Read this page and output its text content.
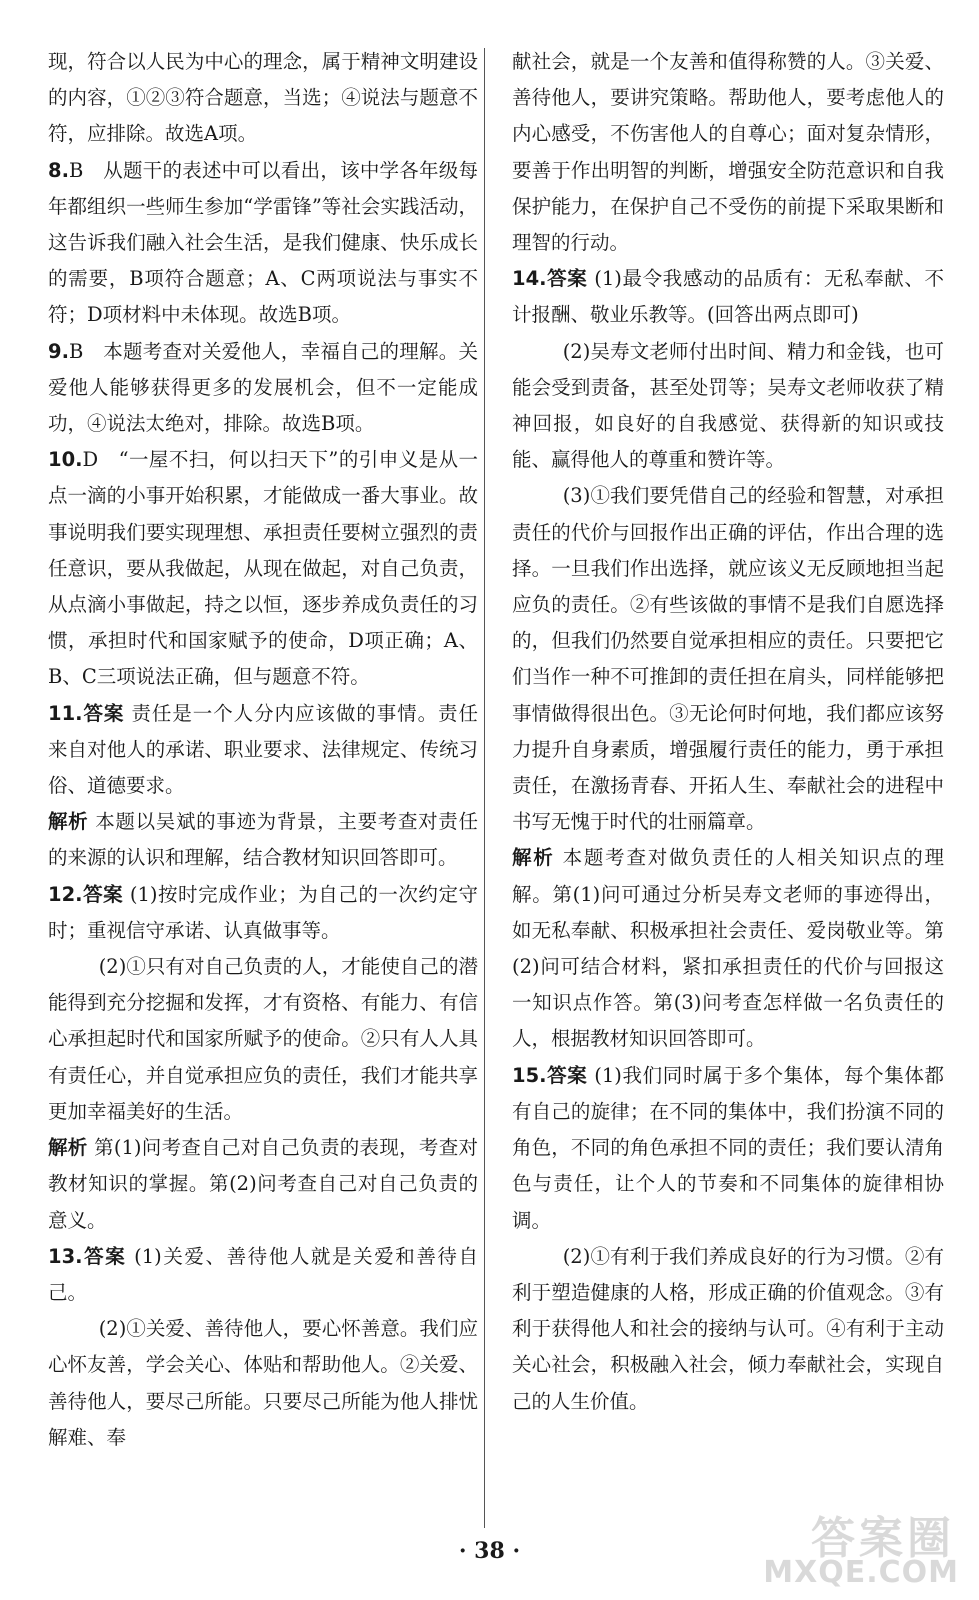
现，符合以人民为中心的理念，属于精神文明建设的内容，①②③符合题意，当选；④说法与题意不符，应排除。故选A项。

8.B　从题干的表述中可以看出，该中学各年级每年都组织一些师生参加“学雷锋”等社会实践活动，这告诉我们融入社会生活，是我们健康、快乐成长的需要，B项符合题意；A、C两项说法与事实不符；D项材料中未体现。故选B项。

9.B　本题考查对关爱他人，幸福自己的理解。关爱他人能够获得更多的发展机会，但不一定能成功，④说法太绝对，排除。故选B项。

10.D　“一屋不扫，何以扫天下”的引申义是从一点一滴的小事开始积累，才能做成一番大事业。故事说明我们要实现理想、承担责任要树立强烈的责任意识，要从我做起，从现在做起，对自己负责，从点滴小事做起，持之以恒，逐步养成负责任的习惯，承担时代和国家赋予的使命，D项正确；A、B、C三项说法正确，但与题意不符。

11.答案 责任是一个人分内应该做的事情。责任来自对他人的承诺、职业要求、法律规定、传统习俗、道德要求。

解析 本题以吴斌的事迹为背景，主要考查对责任的来源的认识和理解，结合教材知识回答即可。

12.答案 (1)按时完成作业；为自己的一次约定守时；重视信守承诺、认真做事等。

(2)①只有对自己负责的人，才能使自己的潜能得到充分挖掘和发挥，才有资格、有能力、有信心承担起时代和国家所赋予的使命。②只有人人具有责任心，并自觉承担应负的责任，我们才能共享更加幸福美好的生活。

解析 第(1)问考查自己对自己负责的表现，考查对教材知识的掌握。第(2)问考查自己对自己负责的意义。

13.答案 (1)关爱、善待他人就是关爱和善待自己。

(2)①关爱、善待他人，要心怀善意。我们应心怀友善，学会关心、体贴和帮助他人。②关爱、善待他人，要尽己所能。只要尽己所能为他人排忧解难、奉

献社会，就是一个友善和值得称赞的人。③关爱、善待他人，要讲究策略。帮助他人，要考虑他人的内心感受，不伤害他人的自尊心；面对复杂情形，要善于作出明智的判断，增强安全防范意识和自我保护能力，在保护自己不受伤的前提下采取果断和理智的行动。

14.答案 (1)最令我感动的品质有：无私奉献、不计报酬、敬业乐教等。(回答出两点即可)

(2)吴寿文老师付出时间、精力和金钱，也可能会受到责备，甚至处罚等；吴寿文老师收获了精神回报，如良好的自我感觉、获得新的知识或技能、赢得他人的尊重和赞许等。

(3)①我们要凭借自己的经验和智慧，对承担责任的代价与回报作出正确的评估，作出合理的选择。一旦我们作出选择，就应该义无反顾地担当起应负的责任。②有些该做的事情不是我们自愿选择的，但我们仍然要自觉承担相应的责任。只要把它们当作一种不可推卸的责任担在肩头，同样能够把事情做得很出色。③无论何时何地，我们都应该努力提升自身素质，增强履行责任的能力，勇于承担责任，在激扬青春、开拓人生、奉献社会的进程中书写无愧于时代的壮丽篇章。

解析 本题考查对做负责任的人相关知识点的理解。第(1)问可通过分析吴寿文老师的事迹得出，如无私奉献、积极承担社会责任、爱岗敬业等。第(2)问可结合材料，紧扣承担责任的代价与回报这一知识点作答。第(3)问考查怎样做一名负责任的人，根据教材知识回答即可。

15.答案 (1)我们同时属于多个集体，每个集体都有自己的旋律；在不同的集体中，我们扮演不同的角色，不同的角色承担不同的责任；我们要认清角色与责任，让个人的节奏和不同集体的旋律相协调。

(2)①有利于我们养成良好的行为习惯。②有利于塑造健康的人格，形成正确的价值观念。③有利于获得他人和社会的接纳与认可。④有利于主动关心社会，积极融入社会，倾力奉献社会，实现自己的人生价值。

· 38 ·	答案圈
MXQE.COM
